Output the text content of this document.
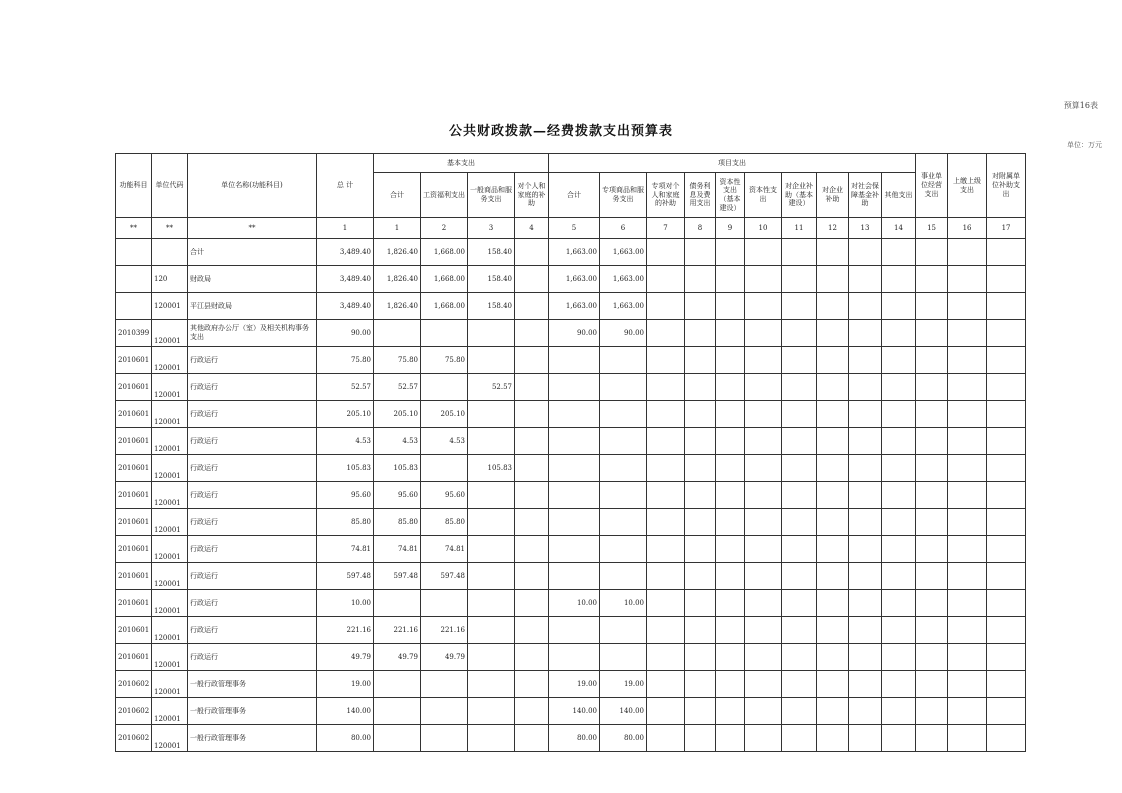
预算16表
公共财政拨款—经费拨款支出预算表
单位：万元
功能科目	单位代码	单位名称(功能科目)	总 计	基本支出				项目支出										事业单位经营支出	上缴上级支出	对附属单位补助支出	
				合计	工资福利支出	一般商品和服务支出	对个人和家庭的补助	合计	专项商品和服务支出	专项对个人和家庭的补助	债务利息及费用支出	资本性支出（基本建设）	资本性支出	对企业补助（基本建设）	对企业补助	对社会保障基金补助	其他支出				
**	**	**	1	1	2	3	4	5	6	7	8	9	10	11	12	13	14	15	16	17	
		合计	3,489.40	1,826.40	1,668.00	158.40		1,663.00	1,663.00												
	120	财政局	3,489.40	1,826.40	1,668.00	158.40		1,663.00	1,663.00												
	120001	平江县财政局	3,489.40	1,826.40	1,668.00	158.40		1,663.00	1,663.00												
2010399	120001	其他政府办公厅（室）及相关机构事务支出	90.00					90.00	90.00												
2010601	120001	行政运行	75.80	75.80	75.80																
2010601	120001	行政运行	52.57	52.57		52.57															
2010601	120001	行政运行	205.10	205.10	205.10																
2010601	120001	行政运行	4.53	4.53	4.53																
2010601	120001	行政运行	105.83	105.83		105.83															
2010601	120001	行政运行	95.60	95.60	95.60																
2010601	120001	行政运行	85.80	85.80	85.80																
2010601	120001	行政运行	74.81	74.81	74.81																
2010601	120001	行政运行	597.48	597.48	597.48																
2010601	120001	行政运行	10.00					10.00	10.00												
2010601	120001	行政运行	221.16	221.16	221.16																
2010601	120001	行政运行	49.79	49.79	49.79																
2010602	120001	一般行政管理事务	19.00					19.00	19.00												
2010602	120001	一般行政管理事务	140.00					140.00	140.00												
2010602	120001	一般行政管理事务	80.00					80.00	80.00												
